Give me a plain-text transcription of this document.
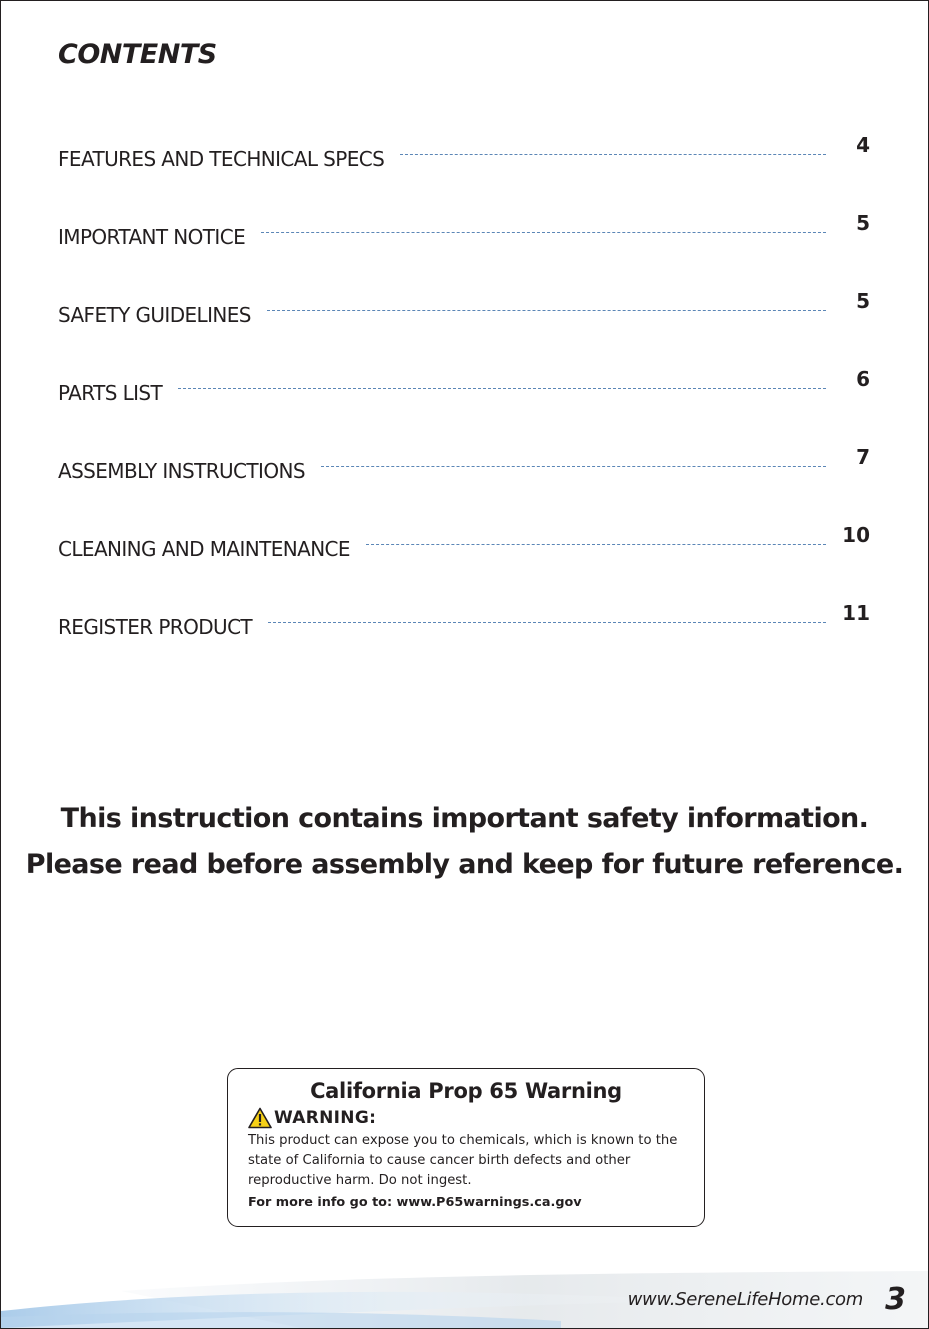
CONTENTS
FEATURES AND TECHNICAL SPECS
4
IMPORTANT NOTICE
5
SAFETY GUIDELINES
5
PARTS LIST
6
ASSEMBLY INSTRUCTIONS
7
CLEANING AND MAINTENANCE
10
REGISTER PRODUCT
11
This instruction contains important safety information.
Please read before assembly and keep for future reference.

California Prop 65 Warning

WARNING:

This product can expose you to chemicals, which is known to the state of California to cause cancer birth defects and other reproductive harm. Do not ingest.

For more info go to: www.P65warnings.ca.gov
www.SereneLifeHome.com 3
